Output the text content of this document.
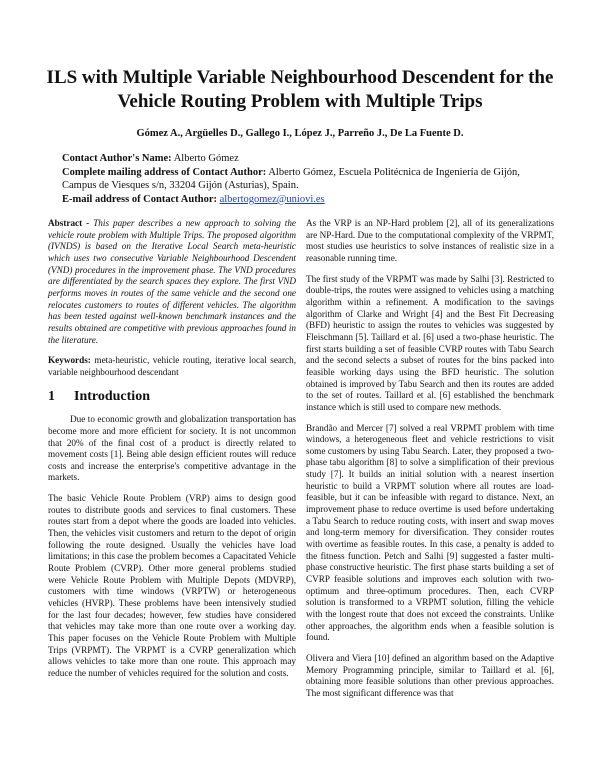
ILS with Multiple Variable Neighbourhood Descendent for the Vehicle Routing Problem with Multiple Trips
Gómez A., Argüelles D., Gallego I., López J., Parreño J., De La Fuente D.
Contact Author's Name: Alberto Gómez
Complete mailing address of Contact Author: Alberto Gómez, Escuela Politécnica de Ingeniería de Gijón, Campus de Viesques s/n, 33204 Gijón (Asturias), Spain.
E-mail address of Contact Author: albertogomez@uniovi.es

Abstract - This paper describes a new approach to solving the vehicle route problem with Multiple Trips. The proposed algorithm (IVNDS) is based on the Iterative Local Search meta-heuristic which uses two consecutive Variable Neighbourhood Descendent (VND) procedures in the improvement phase. The VND procedures are differentiated by the search spaces they explore. The first VND performs moves in routes of the same vehicle and the second one relocates customers to routes of different vehicles. The algorithm has been tested against well-known benchmark instances and the results obtained are competitive with previous approaches found in the literature.

Keywords: meta-heuristic, vehicle routing, iterative local search, variable neighbourhood descendant

1 Introduction

Due to economic growth and globalization transportation has become more and more efficient for society. It is not uncommon that 20% of the final cost of a product is directly related to movement costs [1]. Being able design efficient routes will reduce costs and increase the enterprise's competitive advantage in the markets.

The basic Vehicle Route Problem (VRP) aims to design good routes to distribute goods and services to final customers. These routes start from a depot where the goods are loaded into vehicles. Then, the vehicles visit customers and return to the depot of origin following the route designed. Usually the vehicles have load limitations; in this case the problem becomes a Capacitated Vehicle Route Problem (CVRP). Other more general problems studied were Vehicle Route Problem with Multiple Depots (MDVRP), customers with time windows (VRPTW) or heterogeneous vehicles (HVRP). These problems have been intensively studied for the last four decades; however, few studies have considered that vehicles may take more than one route over a working day. This paper focuses on the Vehicle Route Problem with Multiple Trips (VRPMT). The VRPMT is a CVRP generalization which allows vehicles to take more than one route. This approach may reduce the number of vehicles required for the solution and costs.

As the VRP is an NP-Hard problem [2], all of its generalizations are NP-Hard. Due to the computational complexity of the VRPMT, most studies use heuristics to solve instances of realistic size in a reasonable running time.

The first study of the VRPMT was made by Salhi [3]. Restricted to double-trips, the routes were assigned to vehicles using a matching algorithm within a refinement. A modification to the savings algorithm of Clarke and Wright [4] and the Best Fit Decreasing (BFD) heuristic to assign the routes to vehicles was suggested by Fleischmann [5]. Taillard et al. [6] used a two-phase heuristic. The first starts building a set of feasible CVRP routes with Tabu Search and the second selects a subset of routes for the bins packed into feasible working days using the BFD heuristic. The solution obtained is improved by Tabu Search and then its routes are added to the set of routes. Taillard et al. [6] established the benchmark instance which is still used to compare new methods.

Brandão and Mercer [7] solved a real VRPMT problem with time windows, a heterogeneous fleet and vehicle restrictions to visit some customers by using Tabu Search. Later, they proposed a two-phase tabu algorithm [8] to solve a simplification of their previous study [7]. It builds an initial solution with a nearest insertion heuristic to build a VRPMT solution where all routes are load-feasible, but it can be infeasible with regard to distance. Next, an improvement phase to reduce overtime is used before undertaking a Tabu Search to reduce routing costs, with insert and swap moves and long-term memory for diversification. They consider routes with overtime as feasible routes. In this case, a penalty is added to the fitness function. Petch and Salhi [9] suggested a faster multi-phase constructive heuristic. The first phase starts building a set of CVRP feasible solutions and improves each solution with two-optimum and three-optimum procedures. Then, each CVRP solution is transformed to a VRPMT solution, filling the vehicle with the longest route that does not exceed the constraints. Unlike other approaches, the algorithm ends when a feasible solution is found.

Olivera and Viera [10] defined an algorithm based on the Adaptive Memory Programming principle, similar to Taillard et al. [6], obtaining more feasible solutions than other previous approaches. The most significant difference was that
